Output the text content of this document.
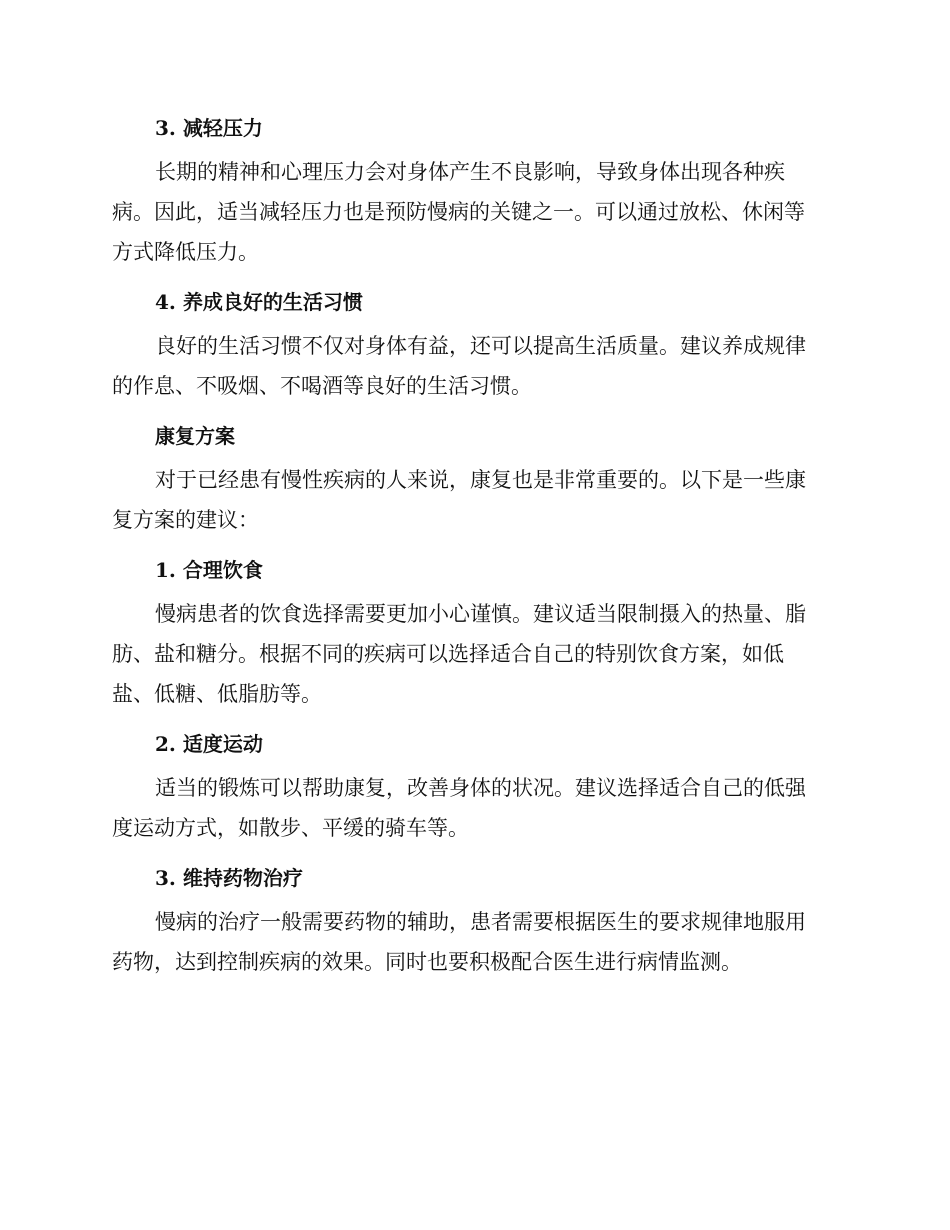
3. 减轻压力
长期的精神和心理压力会对身体产生不良影响，导致身体出现各种疾
病。因此，适当减轻压力也是预防慢病的关键之一。可以通过放松、休闲等
方式降低压力。
4. 养成良好的生活习惯
良好的生活习惯不仅对身体有益，还可以提高生活质量。建议养成规律
的作息、不吸烟、不喝酒等良好的生活习惯。
康复方案
对于已经患有慢性疾病的人来说，康复也是非常重要的。以下是一些康
复方案的建议：
1. 合理饮食
慢病患者的饮食选择需要更加小心谨慎。建议适当限制摄入的热量、脂
肪、盐和糖分。根据不同的疾病可以选择适合自己的特别饮食方案，如低
盐、低糖、低脂肪等。
2. 适度运动
适当的锻炼可以帮助康复，改善身体的状况。建议选择适合自己的低强
度运动方式，如散步、平缓的骑车等。
3. 维持药物治疗
慢病的治疗一般需要药物的辅助，患者需要根据医生的要求规律地服用
药物，达到控制疾病的效果。同时也要积极配合医生进行病情监测。
